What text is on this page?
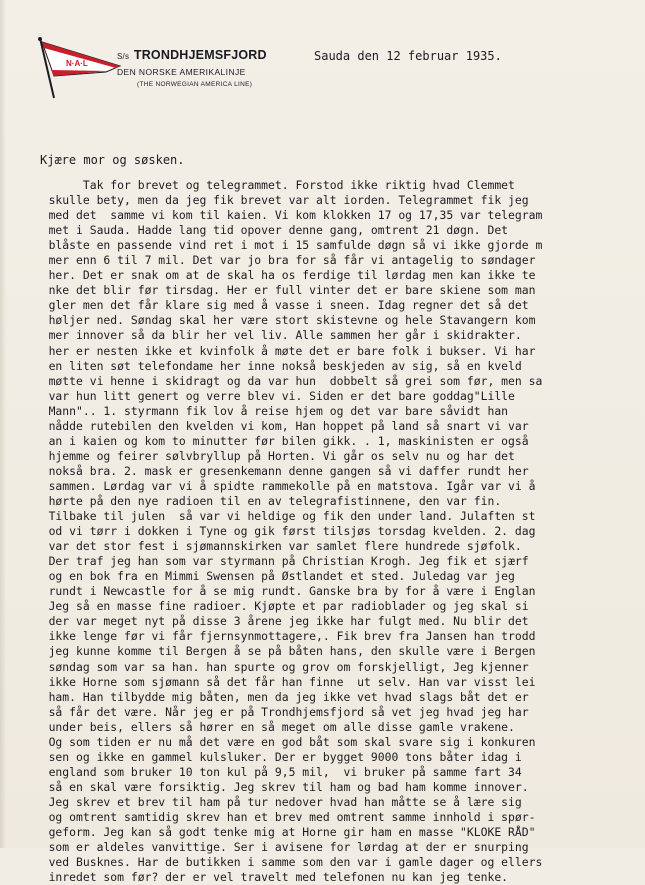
N·A·L
S/s TRONDHJEMSFJORD
DEN NORSKE AMERIKALINJE
(THE NORWEGIAN AMERICA LINE)
Sauda den 12 februar 1935.
Kjære mor og søsken.
Tak for brevet og telegrammet. Forstod ikke riktig hvad Clemmet
skulle bety, men da jeg fik brevet var alt iorden. Telegrammet fik jeg
med det  samme vi kom til kaien. Vi kom klokken 17 og 17,35 var telegram
met i Sauda. Hadde lang tid opover denne gang, omtrent 21 døgn. Det
blåste en passende vind ret i mot i 15 samfulde døgn så vi ikke gjorde m
mer enn 6 til 7 mil. Det var jo bra for så får vi antagelig to søndager
her. Det er snak om at de skal ha os ferdige til lørdag men kan ikke te
nke det blir før tirsdag. Her er full vinter det er bare skiene som man
gler men det får klare sig med å vasse i sneen. Idag regner det så det
høljer ned. Søndag skal her være stort skistevne og hele Stavangern kom
mer innover så da blir her vel liv. Alle sammen her går i skidrakter.
her er nesten ikke et kvinfolk å møte det er bare folk i bukser. Vi har
en liten søt telefondame her inne nokså beskjeden av sig, så en kveld
møtte vi henne i skidragt og da var hun  dobbelt så grei som før, men sa
var hun litt genert og verre blev vi. Siden er det bare goddag"Lille
Mann".. 1. styrmann fik lov å reise hjem og det var bare såvidt han
nådde rutebilen den kvelden vi kom, Han hoppet på land så snart vi var
an i kaien og kom to minutter før bilen gikk. . 1, maskinisten er også
hjemme og feirer sølvbryllup på Horten. Vi går os selv nu og har det
nokså bra. 2. mask er gresenkemann denne gangen så vi daffer rundt her
sammen. Lørdag var vi å spidte rammekolle på en matstova. Igår var vi å
hørte på den nye radioen til en av telegrafistinnene, den var fin.
Tilbake til julen  så var vi heldige og fik den under land. Julaften st
od vi tørr i dokken i Tyne og gik først tilsjøs torsdag kvelden. 2. dag
var det stor fest i sjømannskirken var samlet flere hundrede sjøfolk.
Der traf jeg han som var styrmann på Christian Krogh. Jeg fik et sjærf
og en bok fra en Mimmi Swensen på Østlandet et sted. Juledag var jeg
rundt i Newcastle for å se mig rundt. Ganske bra by for å være i Englan
Jeg så en masse fine radioer. Kjøpte et par radioblader og jeg skal si
der var meget nyt på disse 3 årene jeg ikke har fulgt med. Nu blir det
ikke lenge før vi får fjernsynmottagere,. Fik brev fra Jansen han trodd
jeg kunne komme til Bergen å se på båten hans, den skulle være i Bergen
søndag som var sa han. han spurte og grov om forskjelligt, Jeg kjenner
ikke Horne som sjømann så det får han finne  ut selv. Han var visst lei
ham. Han tilbydde mig båten, men da jeg ikke vet hvad slags båt det er
så får det være. Når jeg er på Trondhjemsfjord så vet jeg hvad jeg har
under beis, ellers så hører en så meget om alle disse gamle vrakene.
Og som tiden er nu må det være en god båt som skal svare sig i konkuren
sen og ikke en gammel kulsluker. Der er bygget 9000 tons båter idag i
england som bruker 10 ton kul på 9,5 mil,  vi bruker på samme fart 34
så en skal være forsiktig. Jeg skrev til ham og bad ham komme innover.
Jeg skrev et brev til ham på tur nedover hvad han måtte se å lære sig
og omtrent samtidig skrev han et brev med omtrent samme innhold i spør-
geform. Jeg kan så godt tenke mig at Horne gir ham en masse "KLOKE RÅD"
som er aldeles vanvittige. Ser i avisene for lørdag at der er snurping
ved Busknes. Har de butikken i samme som den var i gamle dager og ellers
inredet som før? der er vel travelt med telefonen nu kan jeg tenke.
